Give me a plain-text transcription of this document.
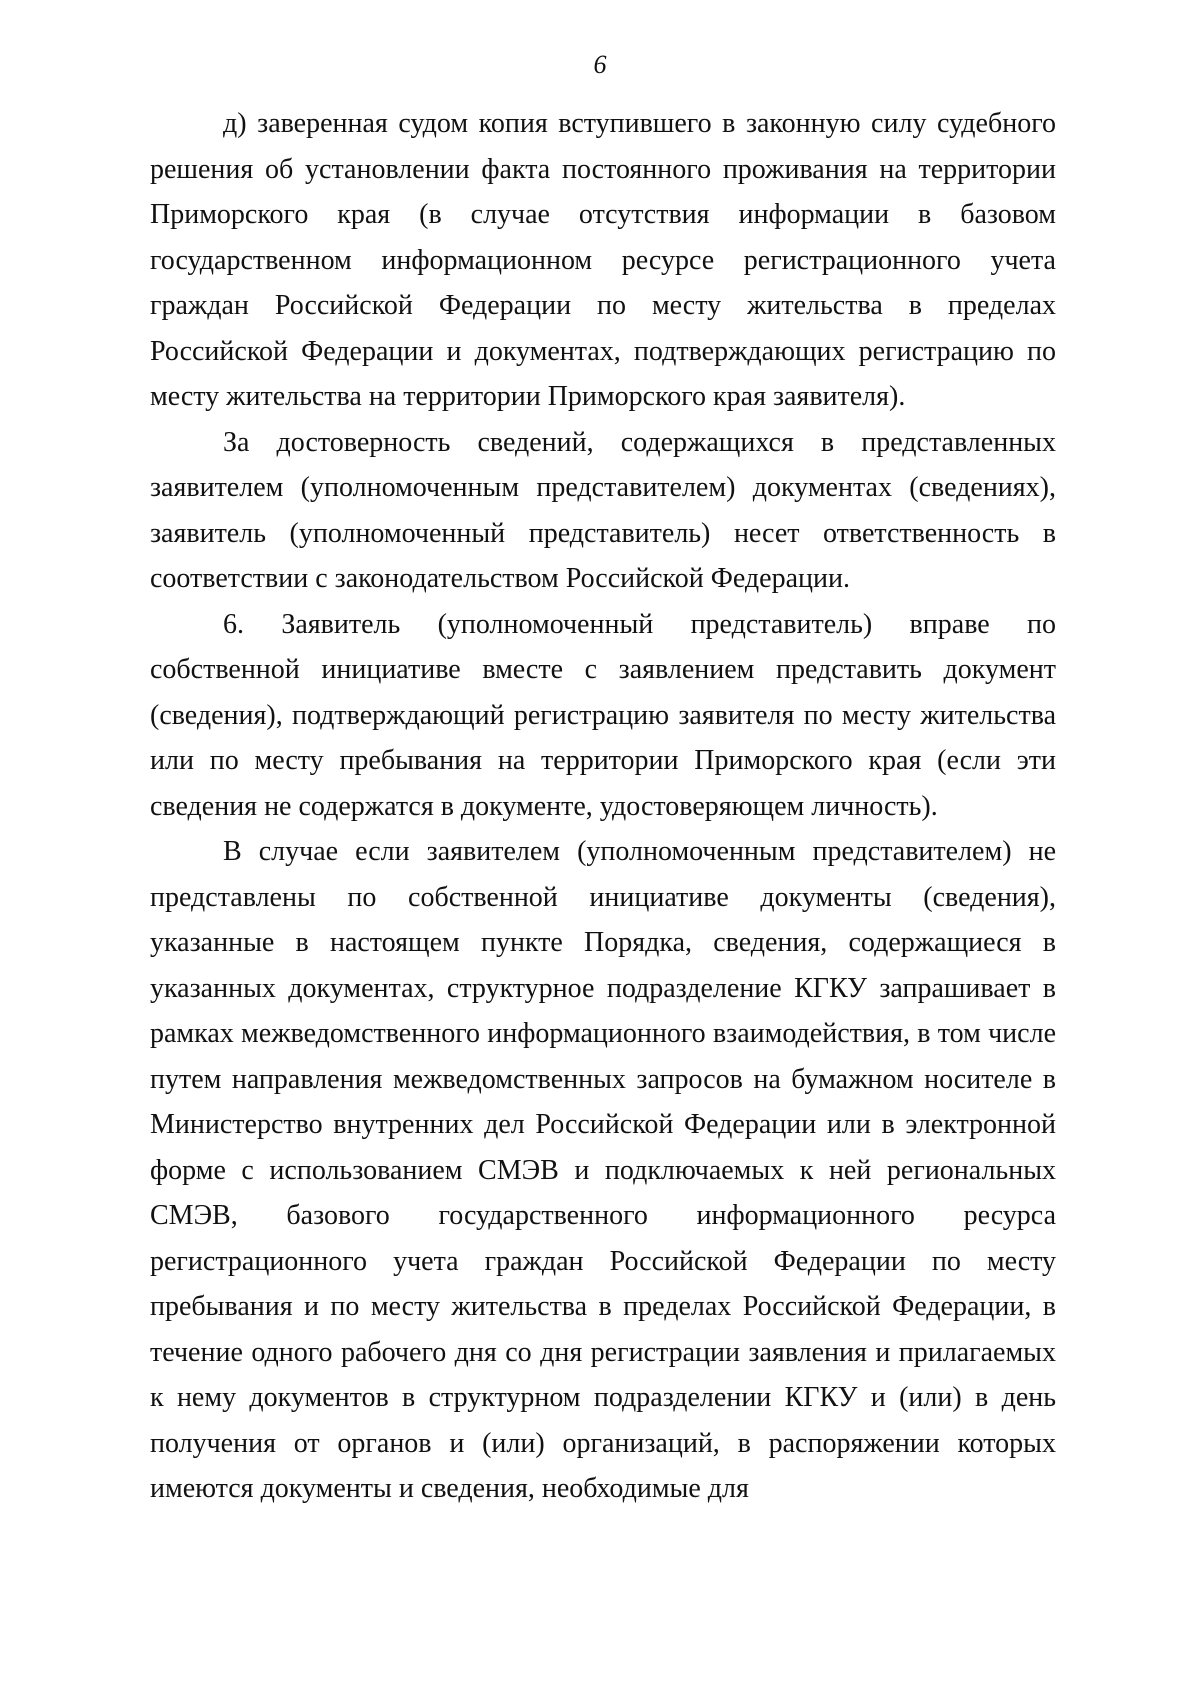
6

д) заверенная судом копия вступившего в законную силу судебного решения об установлении факта постоянного проживания на территории Приморского края (в случае отсутствия информации в базовом государственном информационном ресурсе регистрационного учета граждан Российской Федерации по месту жительства в пределах Российской Федерации и документах, подтверждающих регистрацию по месту жительства на территории Приморского края заявителя).

За достоверность сведений, содержащихся в представленных заявителем (уполномоченным представителем) документах (сведениях), заявитель (уполномоченный представитель) несет ответственность в соответствии с законодательством Российской Федерации.

6. Заявитель (уполномоченный представитель) вправе по собственной инициативе вместе с заявлением представить документ (сведения), подтверждающий регистрацию заявителя по месту жительства или по месту пребывания на территории Приморского края (если эти сведения не содержатся в документе, удостоверяющем личность).

В случае если заявителем (уполномоченным представителем) не представлены по собственной инициативе документы (сведения), указанные в настоящем пункте Порядка, сведения, содержащиеся в указанных документах, структурное подразделение КГКУ запрашивает в рамках межведомственного информационного взаимодействия, в том числе путем направления межведомственных запросов на бумажном носителе в Министерство внутренних дел Российской Федерации или в электронной форме с использованием СМЭВ и подключаемых к ней региональных СМЭВ, базового государственного информационного ресурса регистрационного учета граждан Российской Федерации по месту пребывания и по месту жительства в пределах Российской Федерации, в течение одного рабочего дня со дня регистрации заявления и прилагаемых к нему документов в структурном подразделении КГКУ и (или) в день получения от органов и (или) организаций, в распоряжении которых имеются документы и сведения, необходимые для
